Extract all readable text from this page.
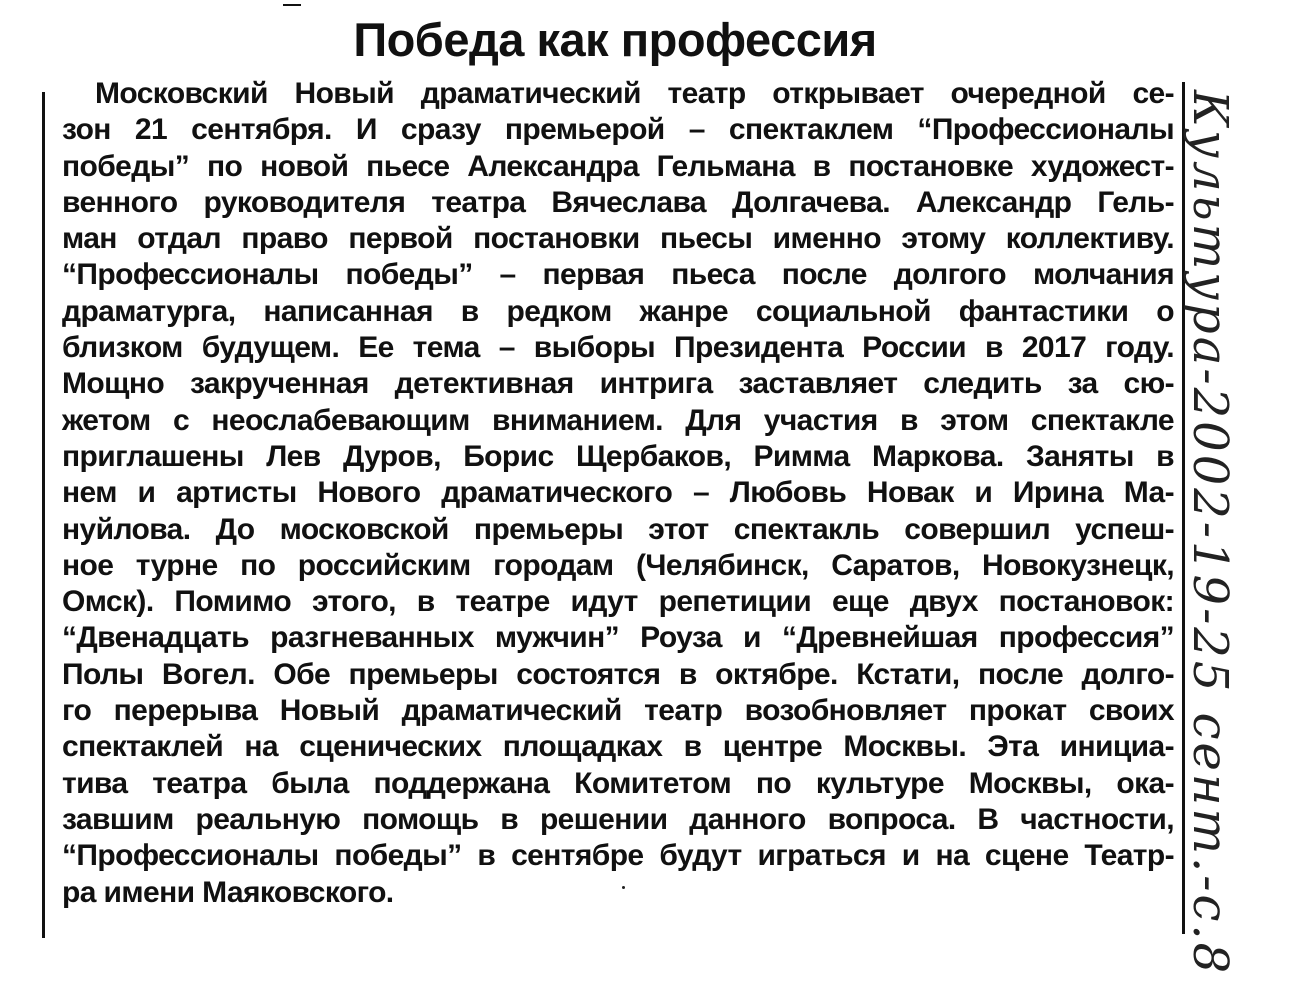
Победа как профессия
Московский Новый драматический театр открывает очередной се-
зон 21 сентября. И сразу премьерой – спектаклем “Профессионалы
победы” по новой пьесе Александра Гельмана в постановке художест-
венного руководителя театра Вячеслава Долгачева. Александр Гель-
ман отдал право первой постановки пьесы именно этому коллективу.
“Профессионалы победы” – первая пьеса после долгого молчания
драматурга, написанная в редком жанре социальной фантастики о
близком будущем. Ее тема – выборы Президента России в 2017 году.
Мощно закрученная детективная интрига заставляет следить за сю-
жетом с неослабевающим вниманием. Для участия в этом спектакле
приглашены Лев Дуров, Борис Щербаков, Римма Маркова. Заняты в
нем и артисты Нового драматического – Любовь Новак и Ирина Ма-
нуйлова. До московской премьеры этот спектакль совершил успеш-
ное турне по российским городам (Челябинск, Саратов, Новокузнецк,
Омск). Помимо этого, в театре идут репетиции еще двух постановок:
“Двенадцать разгневанных мужчин” Роуза и “Древнейшая профессия”
Полы Вогел. Обе премьеры состоятся в октябре. Кстати, после долго-
го перерыва Новый драматический театр возобновляет прокат своих
спектаклей на сценических площадках в центре Москвы. Эта инициа-
тива театра была поддержана Комитетом по культуре Москвы, ока-
завшим реальную помощь в решении данного вопроса. В частности,
“Профессионалы победы” в сентябре будут играться и на сцене Театр-
ра имени Маяковского.	Культура-2002-19-25 сент.-с.8
